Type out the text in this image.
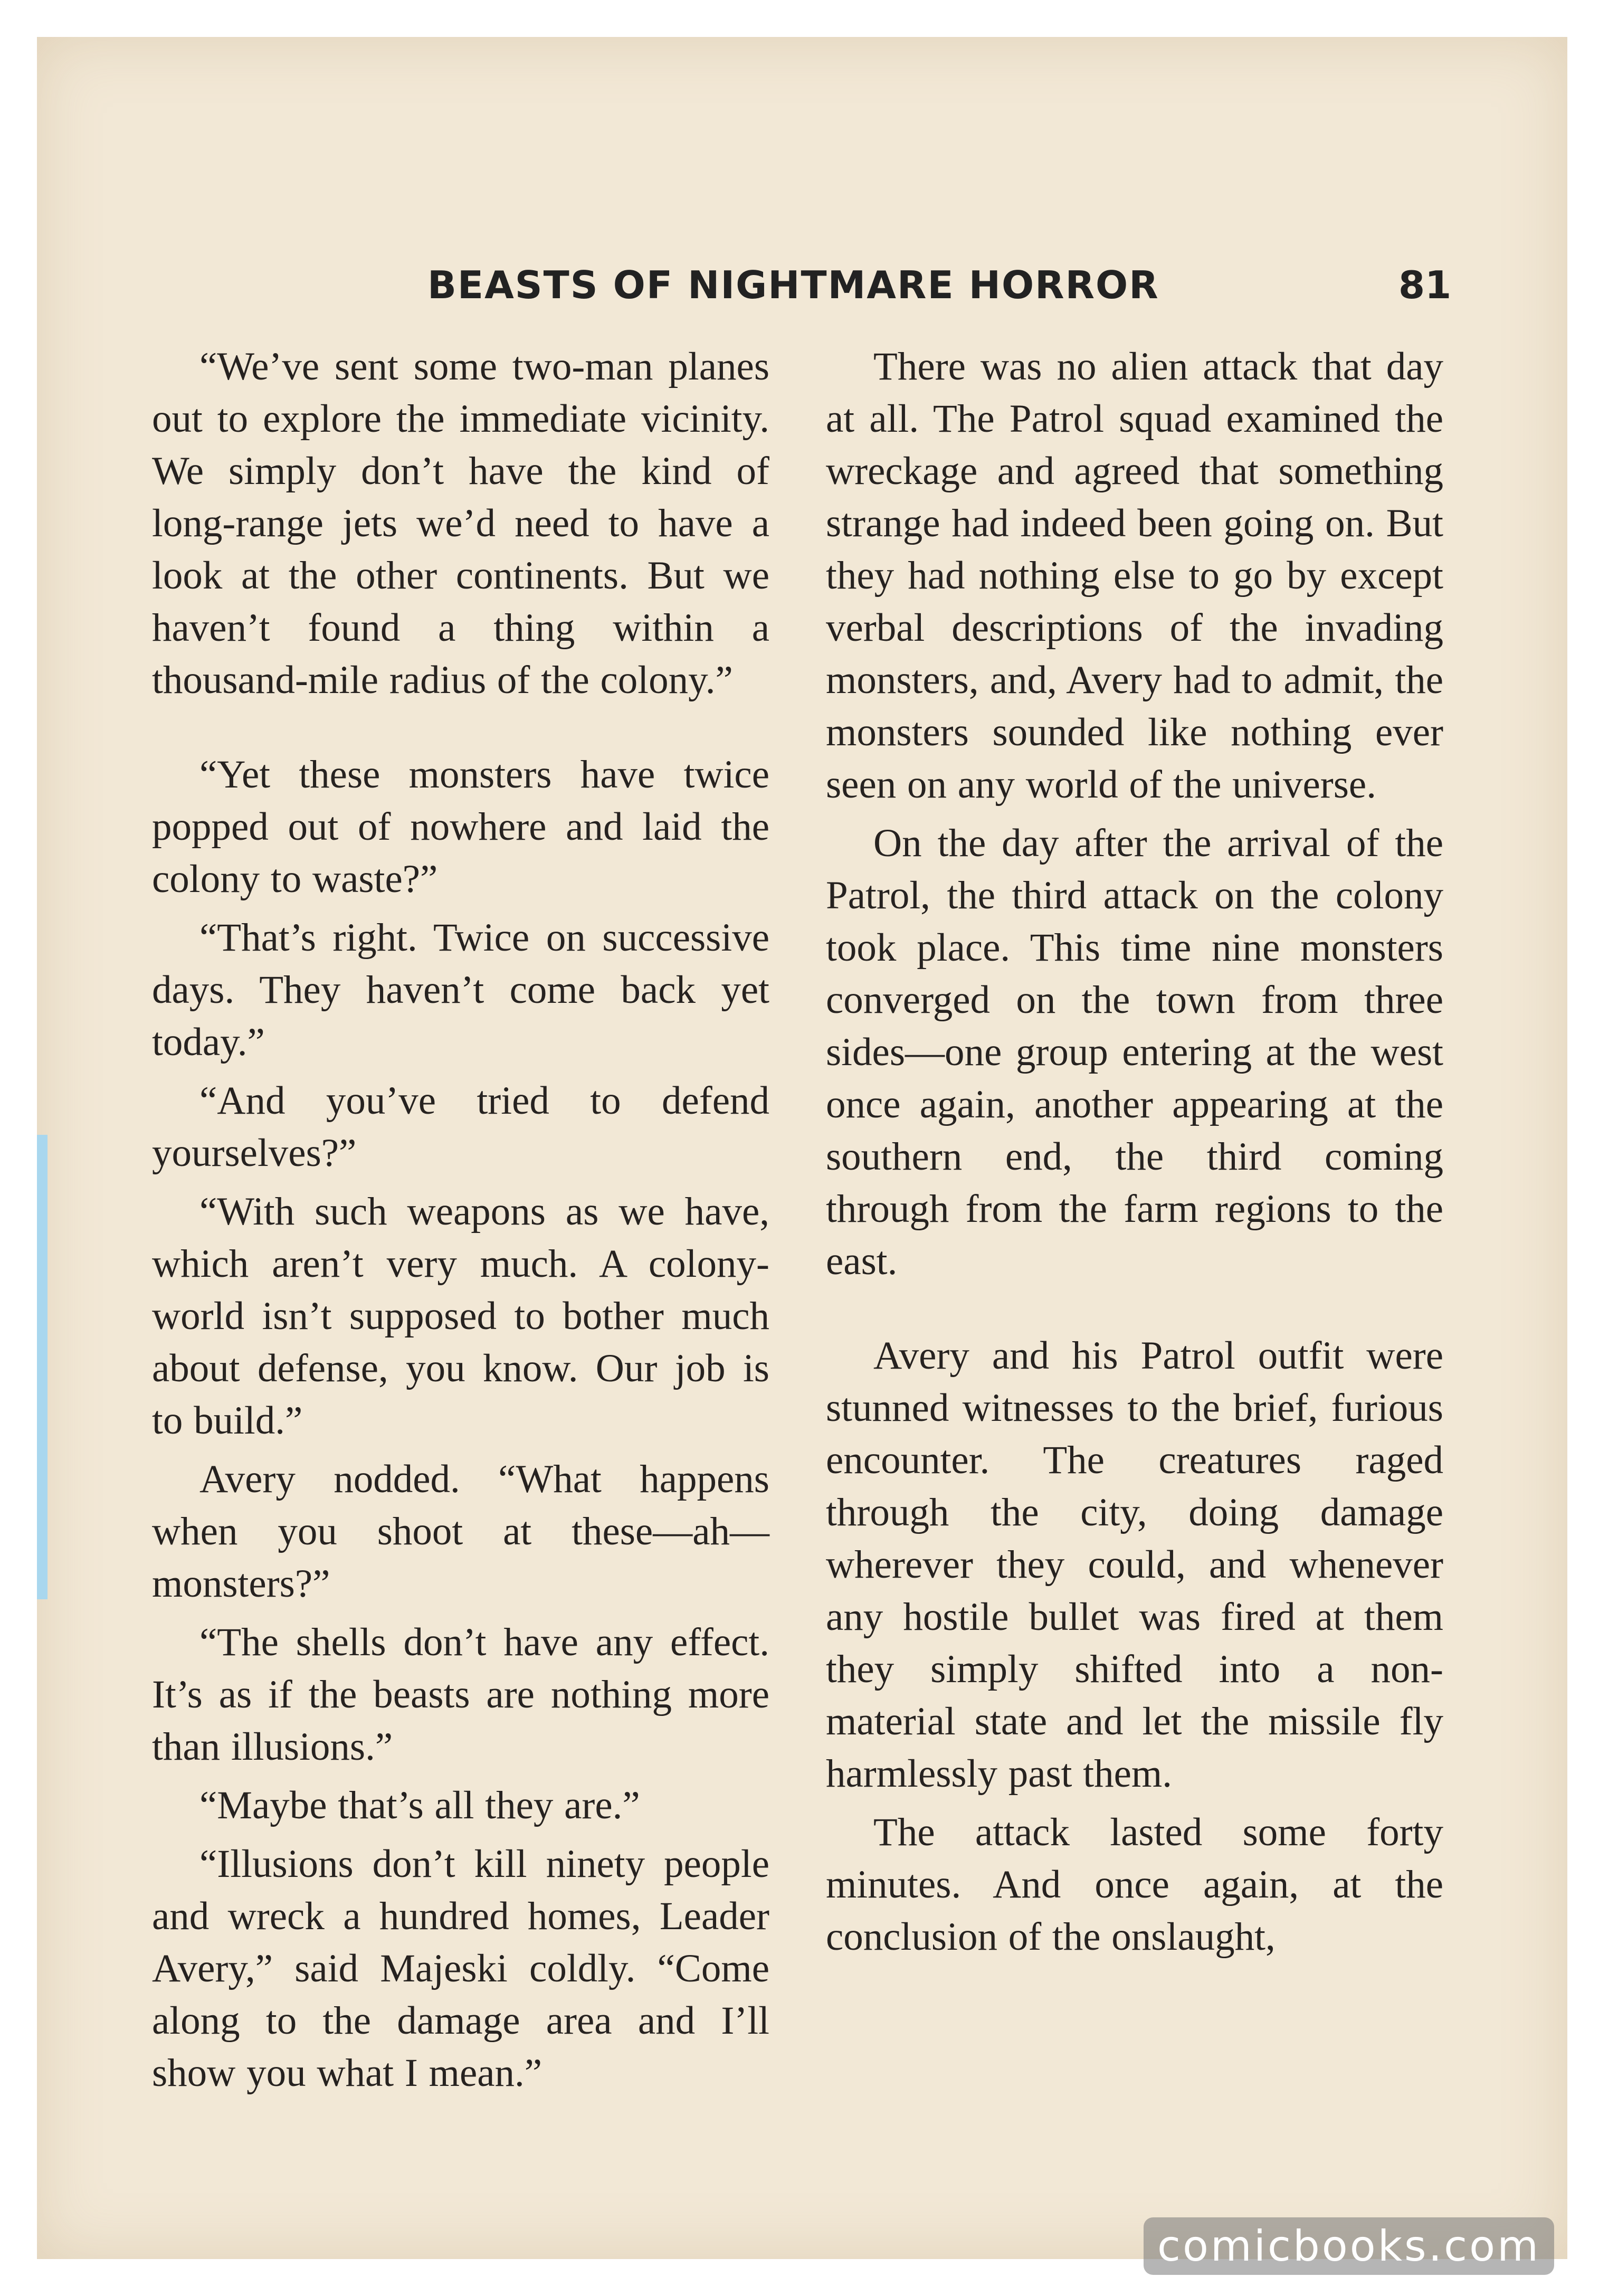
BEASTS OF NIGHTMARE HORROR	81

“We’ve sent some two-man planes out to explore the immediate vicinity. We simply don’t have the kind of long-range jets we’d need to have a look at the other continents. But we haven’t found a thing within a thousand-mile radius of the colony.”

“Yet these monsters have twice popped out of nowhere and laid the colony to waste?”

“That’s right. Twice on successive days. They haven’t come back yet today.”

“And you’ve tried to defend yourselves?”

“With such weapons as we have, which aren’t very much. A colony-world isn’t supposed to bother much about defense, you know. Our job is to build.”

Avery nodded. “What happens when you shoot at these—ah—monsters?”

“The shells don’t have any effect. It’s as if the beasts are nothing more than illusions.”

“Maybe that’s all they are.”

“Illusions don’t kill ninety people and wreck a hundred homes, Leader Avery,” said Majeski coldly. “Come along to the damage area and I’ll show you what I mean.”

There was no alien attack that day at all. The Patrol squad examined the wreckage and agreed that something strange had indeed been going on. But they had nothing else to go by except verbal descriptions of the invading monsters, and, Avery had to admit, the monsters sounded like nothing ever seen on any world of the universe.

On the day after the arrival of the Patrol, the third attack on the colony took place. This time nine monsters converged on the town from three sides—one group entering at the west once again, another appearing at the southern end, the third coming through from the farm regions to the east.

Avery and his Patrol outfit were stunned witnesses to the brief, furious encounter. The creatures raged through the city, doing damage wherever they could, and whenever any hostile bullet was fired at them they simply shifted into a non-material state and let the missile fly harmlessly past them.

The attack lasted some forty minutes. And once again, at the conclusion of the onslaught,

comicbooks.com
